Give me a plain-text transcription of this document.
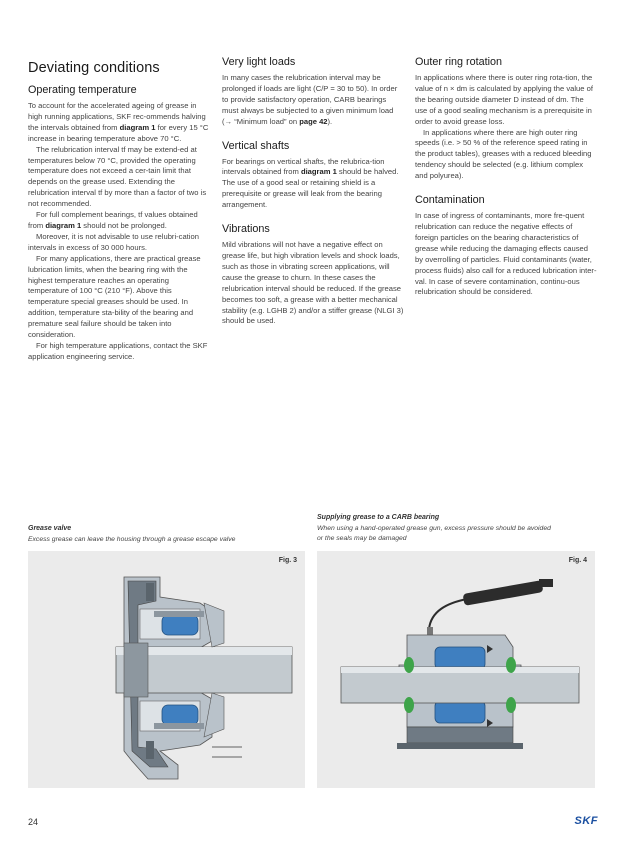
Deviating conditions
Operating temperature

To account for the accelerated ageing of grease in high running applications, SKF rec-ommends halving the intervals obtained from diagram 1 for every 15 °C increase in bearing temperature above 70 °C.

The relubrication interval tf may be extend-ed at temperatures below 70 °C, provided the operating temperature does not exceed a cer-tain limit that depends on the grease used. Extending the relubrication interval tf by more than a factor of two is not recommended.

For full complement bearings, tf values obtained from diagram 1 should not be prolonged.

Moreover, it is not advisable to use relubri-cation intervals in excess of 30 000 hours.

For many applications, there are practical grease lubrication limits, when the bearing ring with the highest temperature reaches an operating temperature of 100 °C (210 °F). Above this temperature special greases should be used. In addition, temperature sta-bility of the bearing and premature seal failure should be taken into consideration.

For high temperature applications, contact the SKF application engineering service.

Very light loads

In many cases the relubrication interval may be prolonged if loads are light (C/P = 30 to 50). In order to provide satisfactory operation, CARB bearings must always be subjected to a given minimum load (→ “Minimum load” on page 42).

Vertical shafts

For bearings on vertical shafts, the relubrica-tion intervals obtained from diagram 1 should be halved. The use of a good seal or retaining shield is a prerequisite or grease will leak from the bearing arrangement.

Vibrations

Mild vibrations will not have a negative effect on grease life, but high vibration levels and shock loads, such as those in vibrating screen applications, will cause the grease to churn. In these cases the relubrication interval should be reduced. If the grease becomes too soft, a grease with a better mechanical stability (e.g. LGHB 2) and/or a stiffer grease (NLGI 3) should be used.

Outer ring rotation

In applications where there is outer ring rota-tion, the value of n × dm is calculated by applying the value of the bearing outside diameter D instead of dm. The use of a good sealing mechanism is a prerequisite in order to avoid grease loss.

In applications where there are high outer ring speeds (i.e. > 50 % of the reference speed rating in the product tables), greases with a reduced bleeding tendency should be selected (e.g. lithium complex and polyurea).

Contamination

In case of ingress of contaminants, more fre-quent relubrication can reduce the negative effects of foreign particles on the bearing characteristics of grease while reducing the damaging effects caused by overrolling of particles. Fluid contaminants (water, process fluids) also call for a reduced lubrication inter-val. In case of severe contamination, continu-ous relubrication should be considered.

Grease valve
Excess grease can leave the housing through a grease escape valve
Supplying grease to a CARB bearing
When using a hand-operated grease gun, excess pressure should be avoided
or the seals may be damaged
Fig. 3	Fig. 4
24	SKF
